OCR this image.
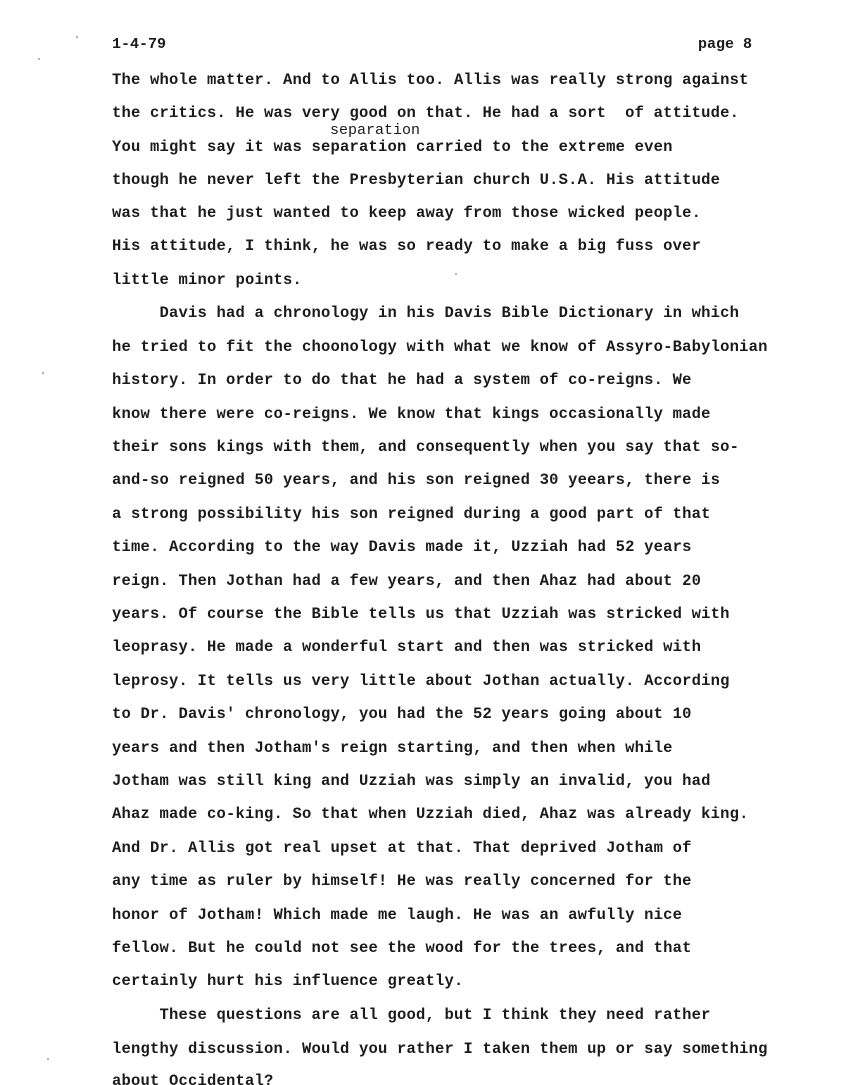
1-4-79	page 8
separation
The whole matter. And to Allis too. Allis was really strong against
the critics. He was very good on that. He had a sort  of attitude.
You might say it was separation carried to the extreme even
though he never left the Presbyterian church U.S.A. His attitude
was that he just wanted to keep away from those wicked people.
His attitude, I think, he was so ready to make a big fuss over
little minor points.
Davis had a chronology in his Davis Bible Dictionary in which
he tried to fit the choonology with what we know of Assyro-Babylonian
history. In order to do that he had a system of co-reigns. We
know there were co-reigns. We know that kings occasionally made
their sons kings with them, and consequently when you say that so-
and-so reigned 50 years, and his son reigned 30 yeears, there is
a strong possibility his son reigned during a good part of that
time. According to the way Davis made it, Uzziah had 52 years
reign. Then Jothan had a few years, and then Ahaz had about 20
years. Of course the Bible tells us that Uzziah was stricked with
leoprasy. He made a wonderful start and then was stricked with
leprosy. It tells us very little about Jothan actually. According
to Dr. Davis' chronology, you had the 52 years going about 10
years and then Jotham's reign starting, and then when while
Jotham was still king and Uzziah was simply an invalid, you had
Ahaz made co-king. So that when Uzziah died, Ahaz was already king.
And Dr. Allis got real upset at that. That deprived Jotham of
any time as ruler by himself! He was really concerned for the
honor of Jotham! Which made me laugh. He was an awfully nice
fellow. But he could not see the wood for the trees, and that
certainly hurt his influence greatly.
These questions are all good, but I think they need rather
lengthy discussion. Would you rather I taken them up or say something
about Occidental?
